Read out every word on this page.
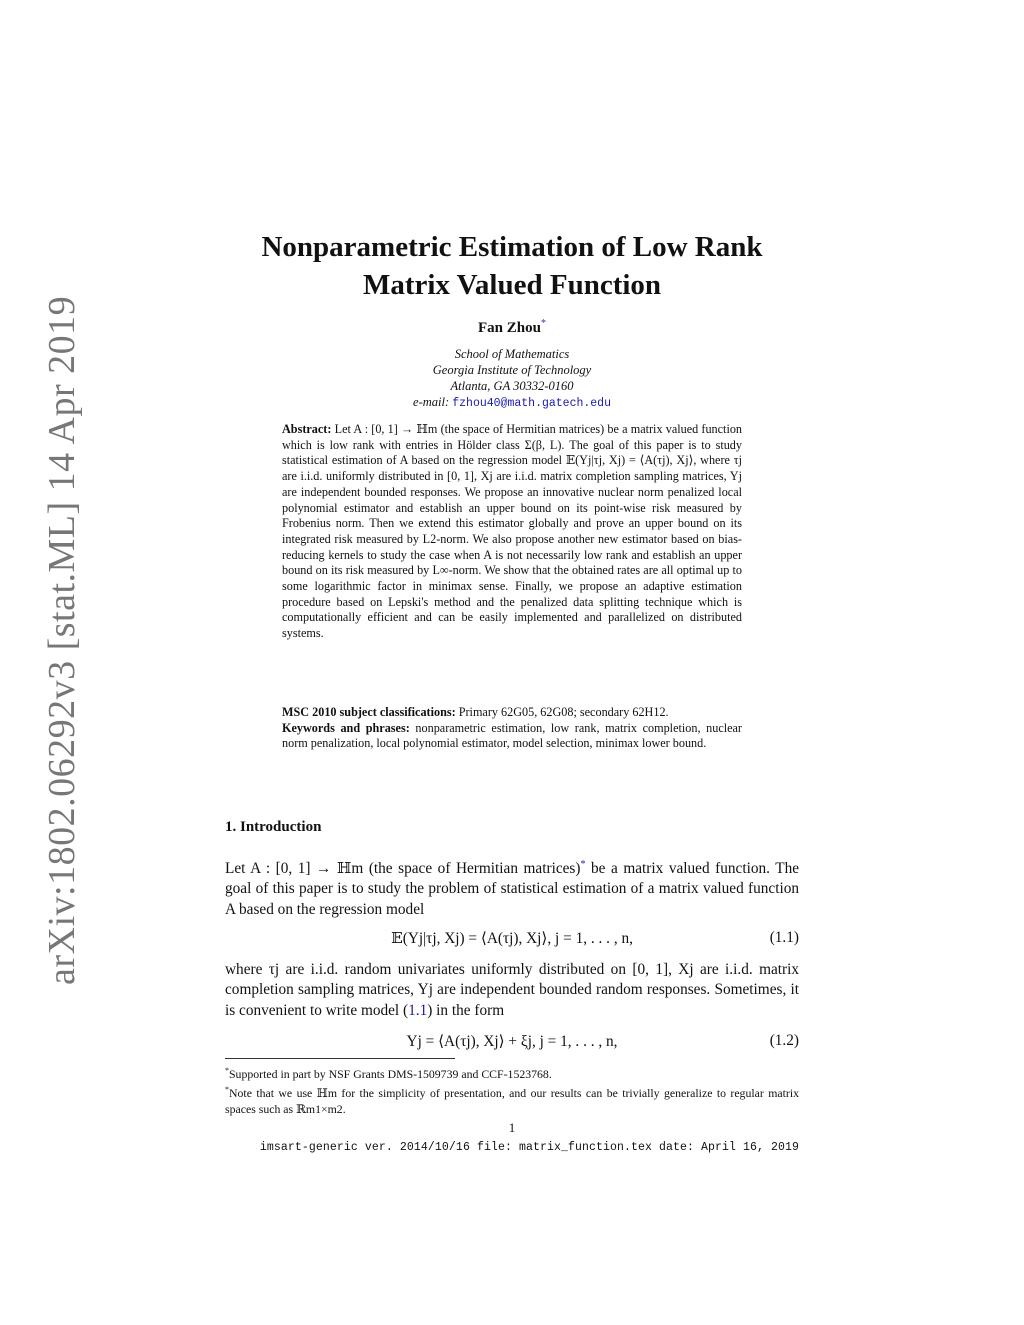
arXiv:1802.06292v3 [stat.ML] 14 Apr 2019
Nonparametric Estimation of Low Rank
Matrix Valued Function
Fan Zhou*
School of Mathematics
Georgia Institute of Technology
Atlanta, GA 30332-0160
e-mail: fzhou40@math.gatech.edu
Abstract: Let A : [0, 1] → ℍm (the space of Hermitian matrices) be a matrix valued function which is low rank with entries in Hölder class Σ(β, L). The goal of this paper is to study statistical estimation of A based on the regression model 𝔼(Yj|τj, Xj) = ⟨A(τj), Xj⟩, where τj are i.i.d. uniformly distributed in [0, 1], Xj are i.i.d. matrix completion sampling matrices, Yj are independent bounded responses. We propose an innovative nuclear norm penalized local polynomial estimator and establish an upper bound on its point-wise risk measured by Frobenius norm. Then we extend this estimator globally and prove an upper bound on its integrated risk measured by L2-norm. We also propose another new estimator based on bias-reducing kernels to study the case when A is not necessarily low rank and establish an upper bound on its risk measured by L∞-norm. We show that the obtained rates are all optimal up to some logarithmic factor in minimax sense. Finally, we propose an adaptive estimation procedure based on Lepski's method and the penalized data splitting technique which is computationally efficient and can be easily implemented and parallelized on distributed systems.

MSC 2010 subject classifications: Primary 62G05, 62G08; secondary 62H12.

Keywords and phrases: nonparametric estimation, low rank, matrix completion, nuclear norm penalization, local polynomial estimator, model selection, minimax lower bound.

1. Introduction
Let A : [0, 1] → ℍm (the space of Hermitian matrices)* be a matrix valued function. The goal of this paper is to study the problem of statistical estimation of a matrix valued function A based on the regression model
𝔼(Yj|τj, Xj) = ⟨A(τj), Xj⟩, j = 1, . . . , n,	(1.1)
where τj are i.i.d. random univariates uniformly distributed on [0, 1], Xj are i.i.d. matrix completion sampling matrices, Yj are independent bounded random responses. Sometimes, it is convenient to write model (1.1) in the form
Yj = ⟨A(τj), Xj⟩ + ξj, j = 1, . . . , n,	(1.2)

*Supported in part by NSF Grants DMS-1509739 and CCF-1523768.

*Note that we use ℍm for the simplicity of presentation, and our results can be trivially generalize to regular matrix spaces such as ℝm1×m2.

1
imsart-generic ver. 2014/10/16 file: matrix_function.tex date: April 16, 2019
